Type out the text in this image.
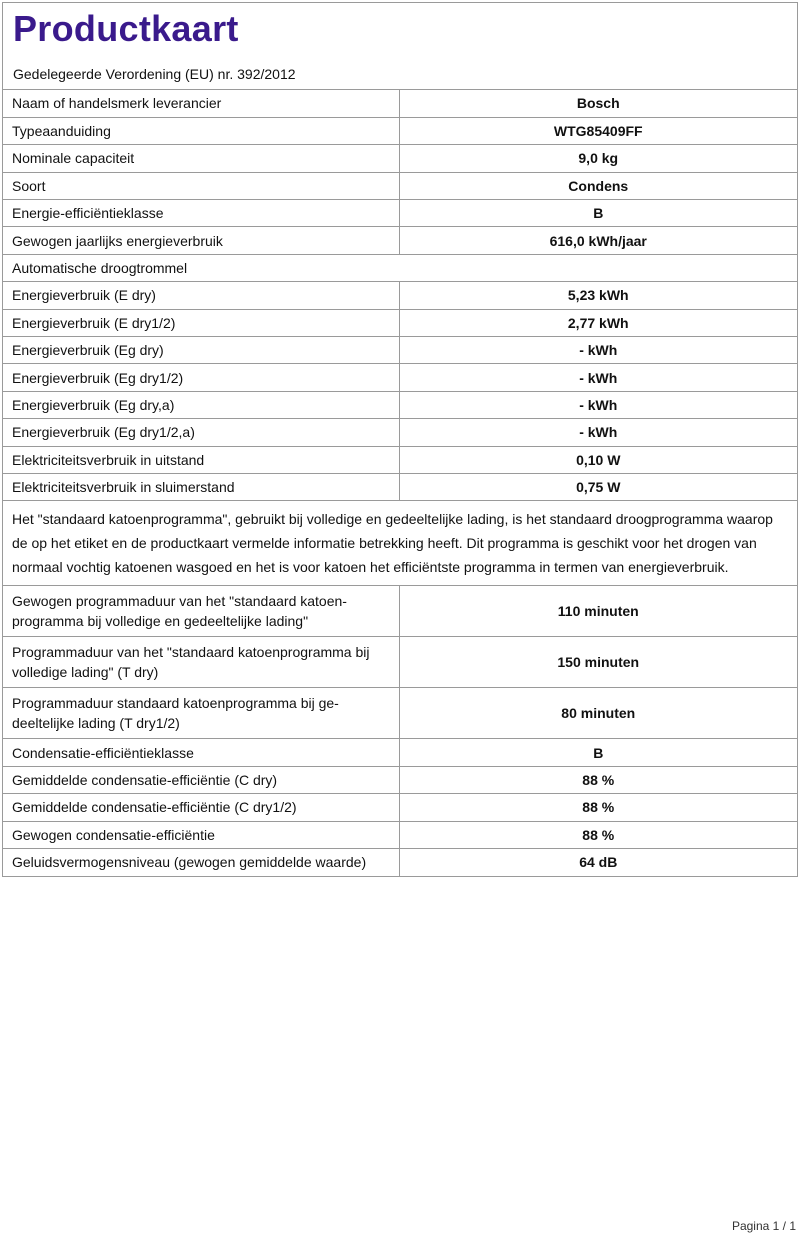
Productkaart
Gedelegeerde Verordening (EU) nr. 392/2012
Naam of handelsmerk leverancier	Bosch
Typeaanduiding	WTG85409FF
Nominale capaciteit	9,0 kg
Soort	Condens
Energie-efficiëntieklasse	B
Gewogen jaarlijks energieverbruik	616,0 kWh/jaar
Automatische droogtrommel	
Energieverbruik (E dry)	5,23 kWh
Energieverbruik (E dry1/2)	2,77 kWh
Energieverbruik (Eg dry)	- kWh
Energieverbruik (Eg dry1/2)	- kWh
Energieverbruik (Eg dry,a)	- kWh
Energieverbruik (Eg dry1/2,a)	- kWh
Elektriciteitsverbruik in uitstand	0,10 W
Elektriciteitsverbruik in sluimerstand	0,75 W
Het "standaard katoenprogramma", gebruikt bij volledige en gedeeltelijke lading, is het standaard droogprogramma waarop de op het etiket en de productkaart vermelde informatie betrekking heeft. Dit programma is geschikt voor het drogen van normaal vochtig katoenen wasgoed en het is voor katoen het efficiëntste programma in termen van energieverbruik.	
Gewogen programmaduur van het "standaard katoen-programma bij volledige en gedeeltelijke lading"	110 minuten
Programmaduur van het "standaard katoenprogramma bij volledige lading" (T dry)	150 minuten
Programmaduur standaard katoenprogramma bij ge-deeltelijke lading (T dry1/2)	80 minuten
Condensatie-efficiëntieklasse	B
Gemiddelde condensatie-efficiëntie (C dry)	88 %
Gemiddelde condensatie-efficiëntie (C dry1/2)	88 %
Gewogen condensatie-efficiëntie	88 %
Geluidsvermogensniveau (gewogen gemiddelde waarde)	64 dB
Pagina 1 / 1
